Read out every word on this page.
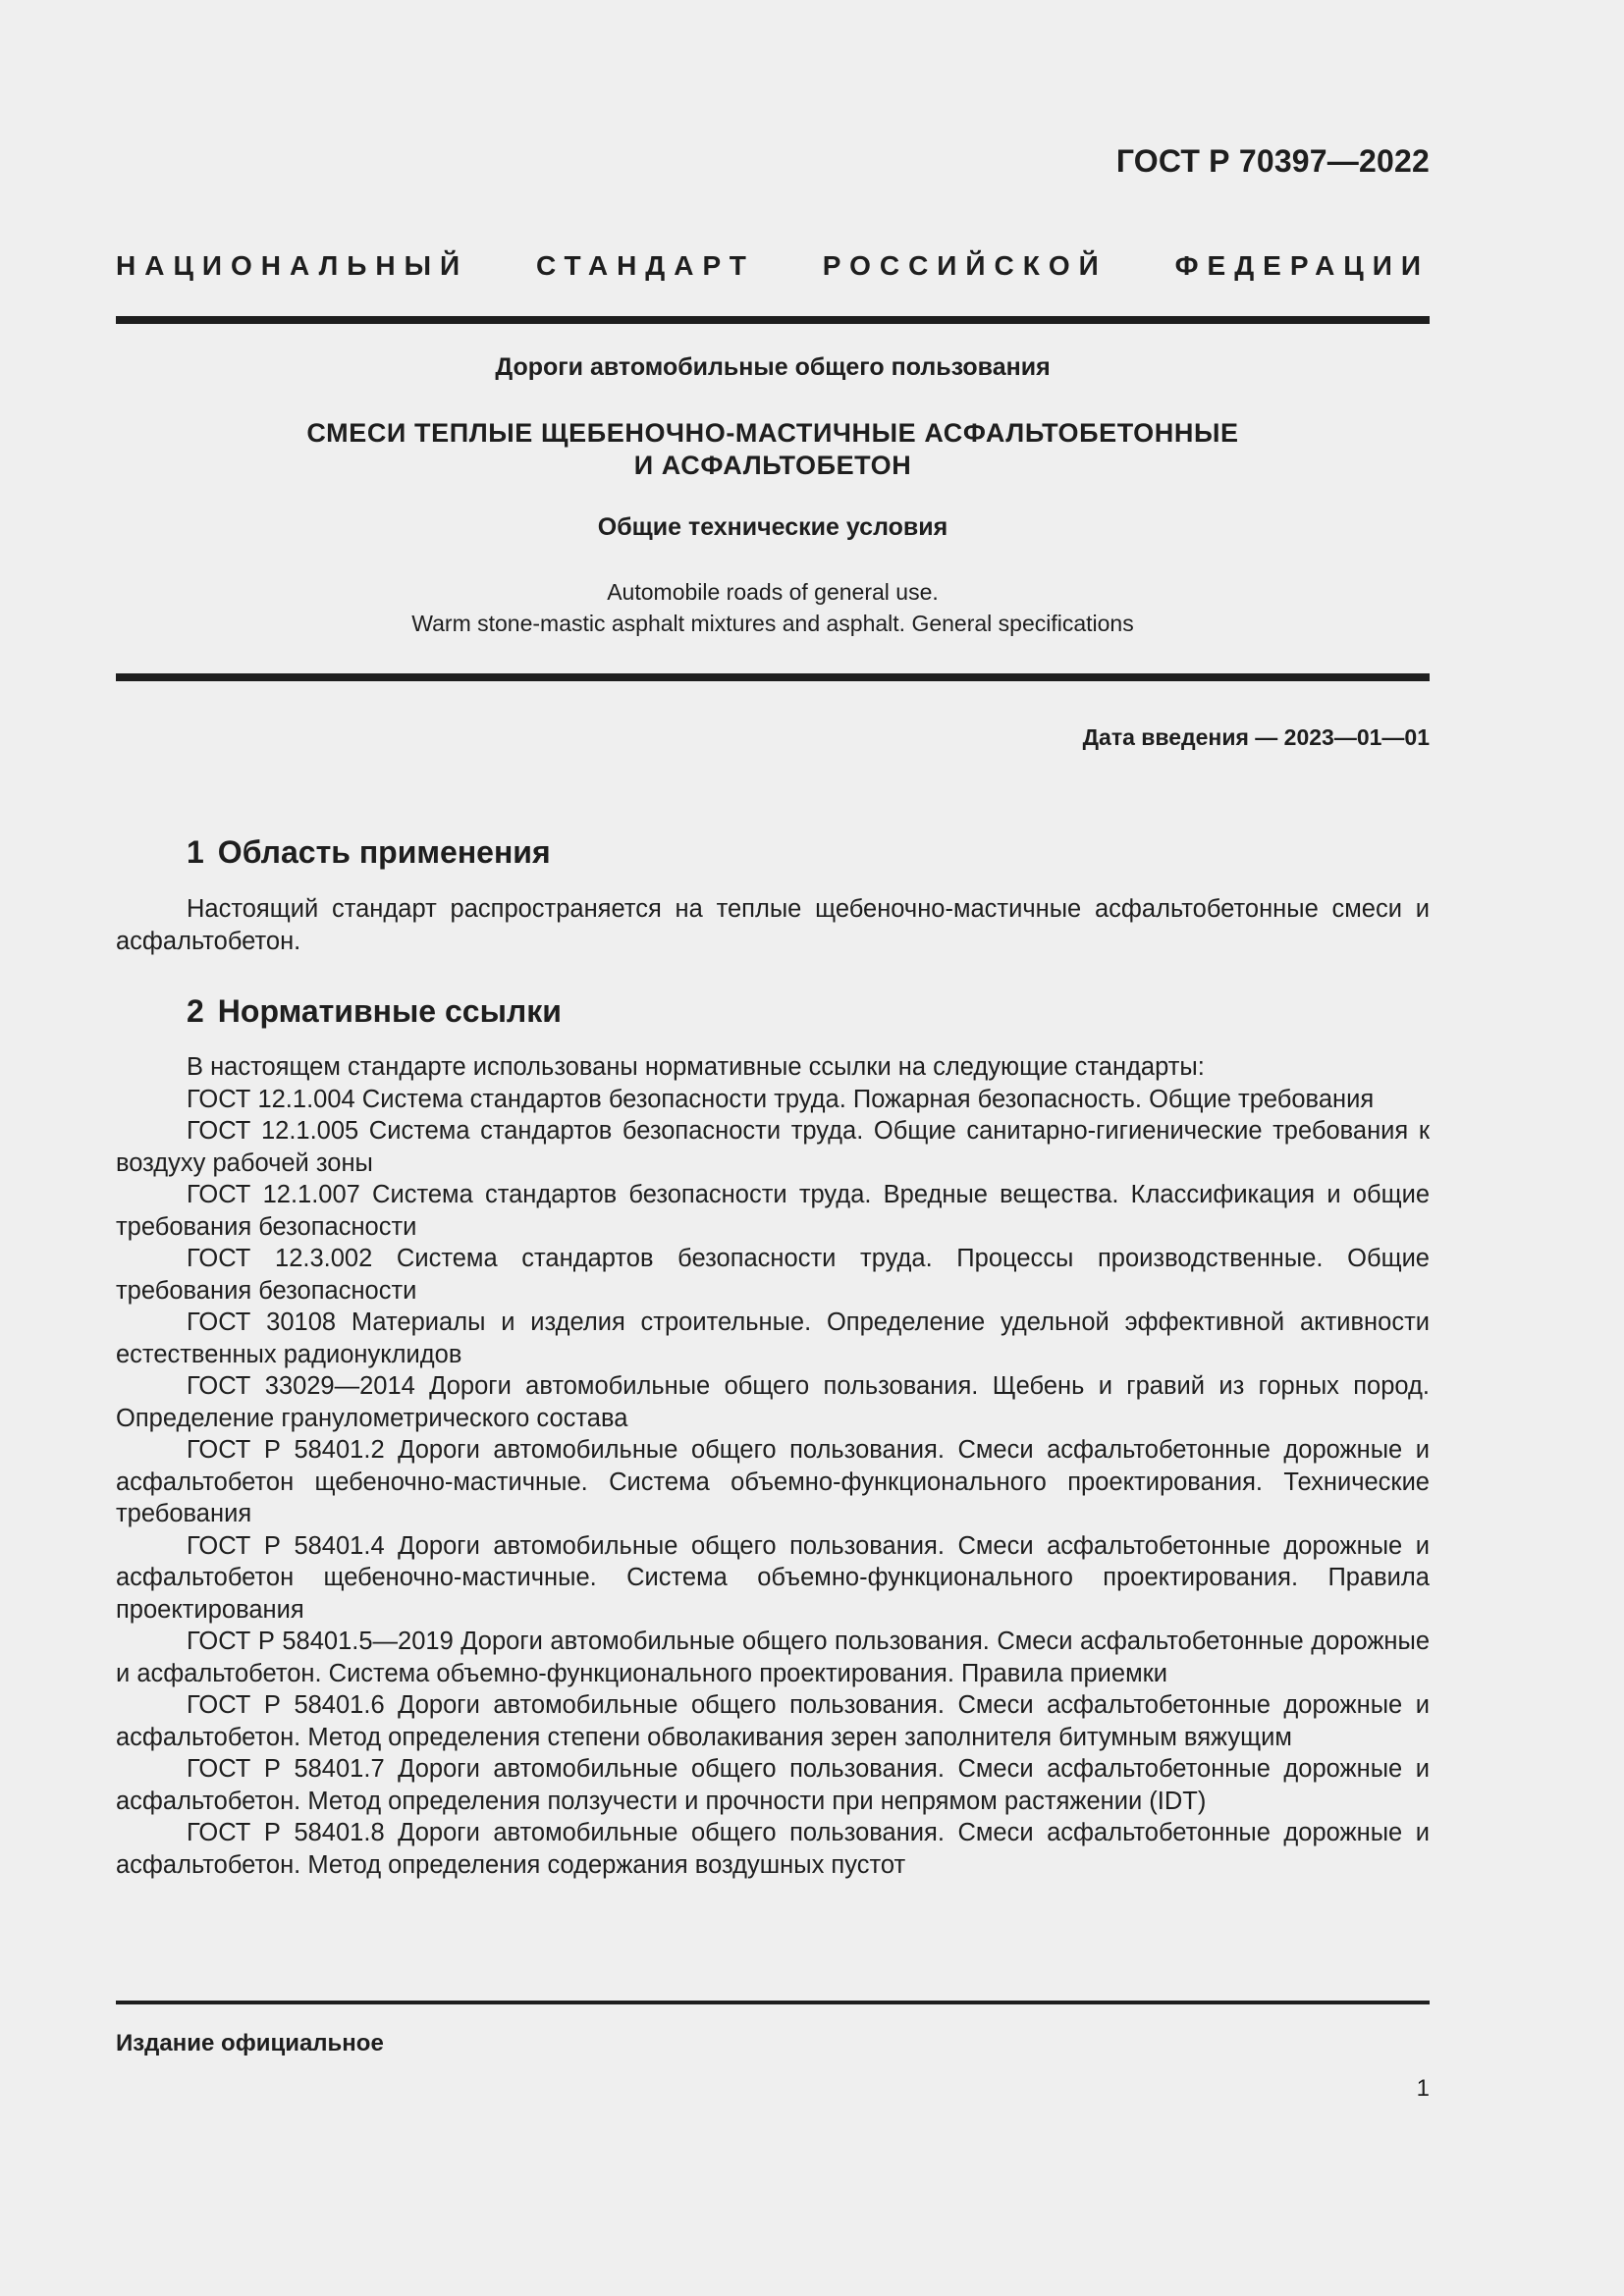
ГОСТ Р 70397—2022
НАЦИОНАЛЬНЫЙ СТАНДАРТ РОССИЙСКОЙ ФЕДЕРАЦИИ
Дороги автомобильные общего пользования
СМЕСИ ТЕПЛЫЕ ЩЕБЕНОЧНО-МАСТИЧНЫЕ АСФАЛЬТОБЕТОННЫЕ
И АСФАЛЬТОБЕТОН
Общие технические условия
Automobile roads of general use.
Warm stone-mastic asphalt mixtures and asphalt. General specifications
Дата введения — 2023—01—01
1 Область применения

Настоящий стандарт распространяется на теплые щебеночно-мастичные асфальтобетонные смеси и асфальтобетон.

2 Нормативные ссылки

В настоящем стандарте использованы нормативные ссылки на следующие стандарты:

ГОСТ 12.1.004 Система стандартов безопасности труда. Пожарная безопасность. Общие требования

ГОСТ 12.1.005 Система стандартов безопасности труда. Общие санитарно-гигиенические требования к воздуху рабочей зоны

ГОСТ 12.1.007 Система стандартов безопасности труда. Вредные вещества. Классификация и общие требования безопасности

ГОСТ 12.3.002 Система стандартов безопасности труда. Процессы производственные. Общие требования безопасности

ГОСТ 30108 Материалы и изделия строительные. Определение удельной эффективной активности естественных радионуклидов

ГОСТ 33029—2014 Дороги автомобильные общего пользования. Щебень и гравий из горных пород. Определение гранулометрического состава

ГОСТ Р 58401.2 Дороги автомобильные общего пользования. Смеси асфальтобетонные дорожные и асфальтобетон щебеночно-мастичные. Система объемно-функционального проектирования. Технические требования

ГОСТ Р 58401.4 Дороги автомобильные общего пользования. Смеси асфальтобетонные дорожные и асфальтобетон щебеночно-мастичные. Система объемно-функционального проектирования. Правила проектирования

ГОСТ Р 58401.5—2019 Дороги автомобильные общего пользования. Смеси асфальтобетонные дорожные и асфальтобетон. Система объемно-функционального проектирования. Правила приемки

ГОСТ Р 58401.6 Дороги автомобильные общего пользования. Смеси асфальтобетонные дорожные и асфальтобетон. Метод определения степени обволакивания зерен заполнителя битумным вяжущим

ГОСТ Р 58401.7 Дороги автомобильные общего пользования. Смеси асфальтобетонные дорожные и асфальтобетон. Метод определения ползучести и прочности при непрямом растяжении (IDT)

ГОСТ Р 58401.8 Дороги автомобильные общего пользования. Смеси асфальтобетонные дорожные и асфальтобетон. Метод определения содержания воздушных пустот

Издание официальное
1
